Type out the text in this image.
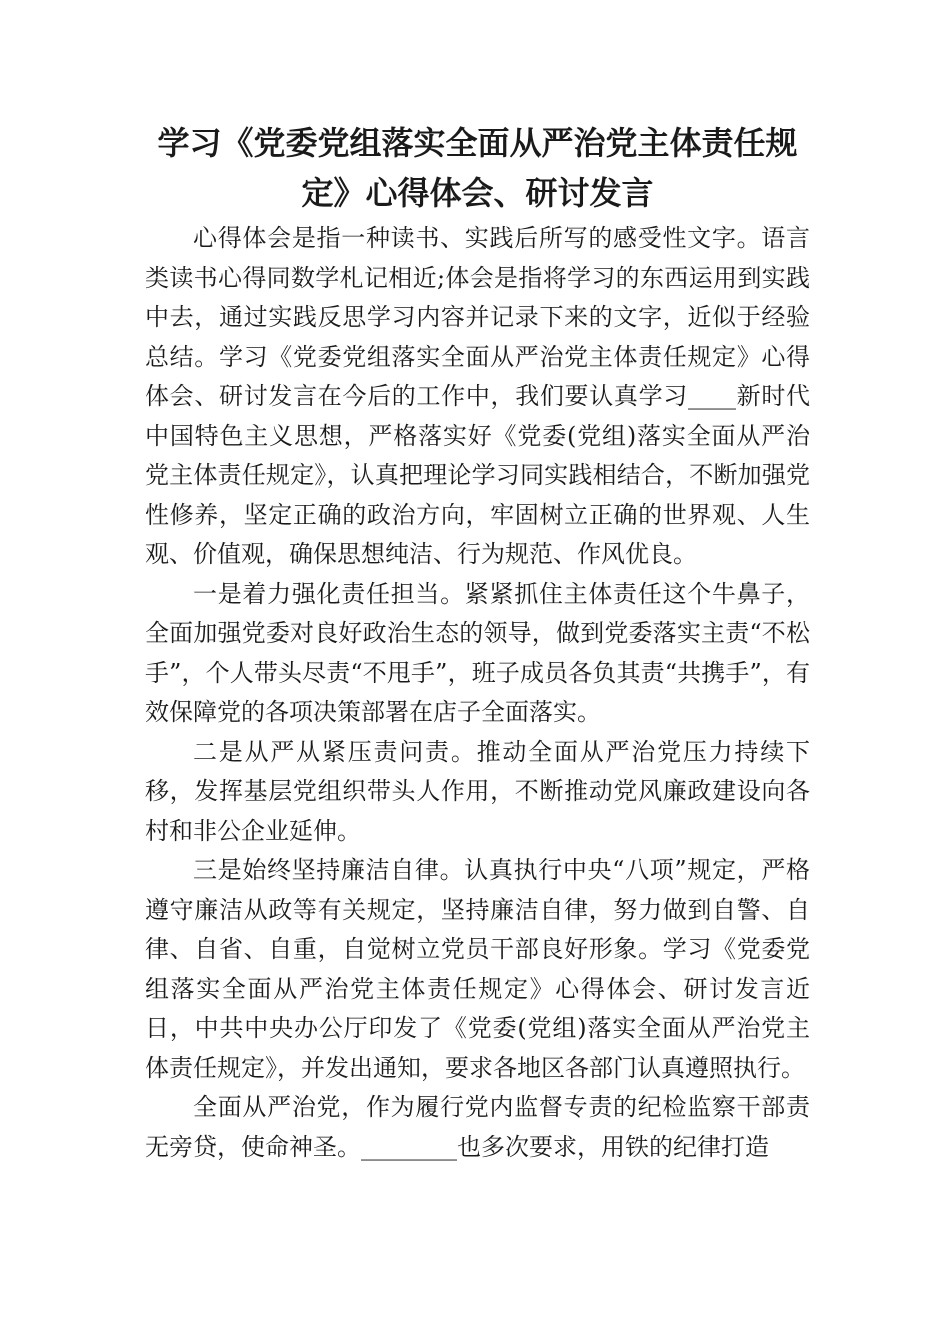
学习《党委党组落实全面从严治党主体责任规定》心得体会、研讨发言

心得体会是指一种读书、实践后所写的感受性文字。语言类读书心得同数学札记相近;体会是指将学习的东西运用到实践中去，通过实践反思学习内容并记录下来的文字，近似于经验总结。学习《党委党组落实全面从严治党主体责任规定》心得体会、研讨发言在今后的工作中，我们要认真学习____新时代中国特色主义思想，严格落实好《党委(党组)落实全面从严治党主体责任规定》，认真把理论学习同实践相结合，不断加强党性修养，坚定正确的政治方向，牢固树立正确的世界观、人生观、价值观，确保思想纯洁、行为规范、作风优良。

一是着力强化责任担当。紧紧抓住主体责任这个牛鼻子，全面加强党委对良好政治生态的领导，做到党委落实主责“不松手”，个人带头尽责“不甩手”，班子成员各负其责“共携手”，有效保障党的各项决策部署在店子全面落实。

二是从严从紧压责问责。推动全面从严治党压力持续下移，发挥基层党组织带头人作用，不断推动党风廉政建设向各村和非公企业延伸。

三是始终坚持廉洁自律。认真执行中央“八项”规定，严格遵守廉洁从政等有关规定，坚持廉洁自律，努力做到自警、自律、自省、自重，自觉树立党员干部良好形象。学习《党委党组落实全面从严治党主体责任规定》心得体会、研讨发言近日，中共中央办公厅印发了《党委(党组)落实全面从严治党主体责任规定》，并发出通知，要求各地区各部门认真遵照执行。

全面从严治党，作为履行党内监督专责的纪检监察干部责无旁贷，使命神圣。________也多次要求，用铁的纪律打造
